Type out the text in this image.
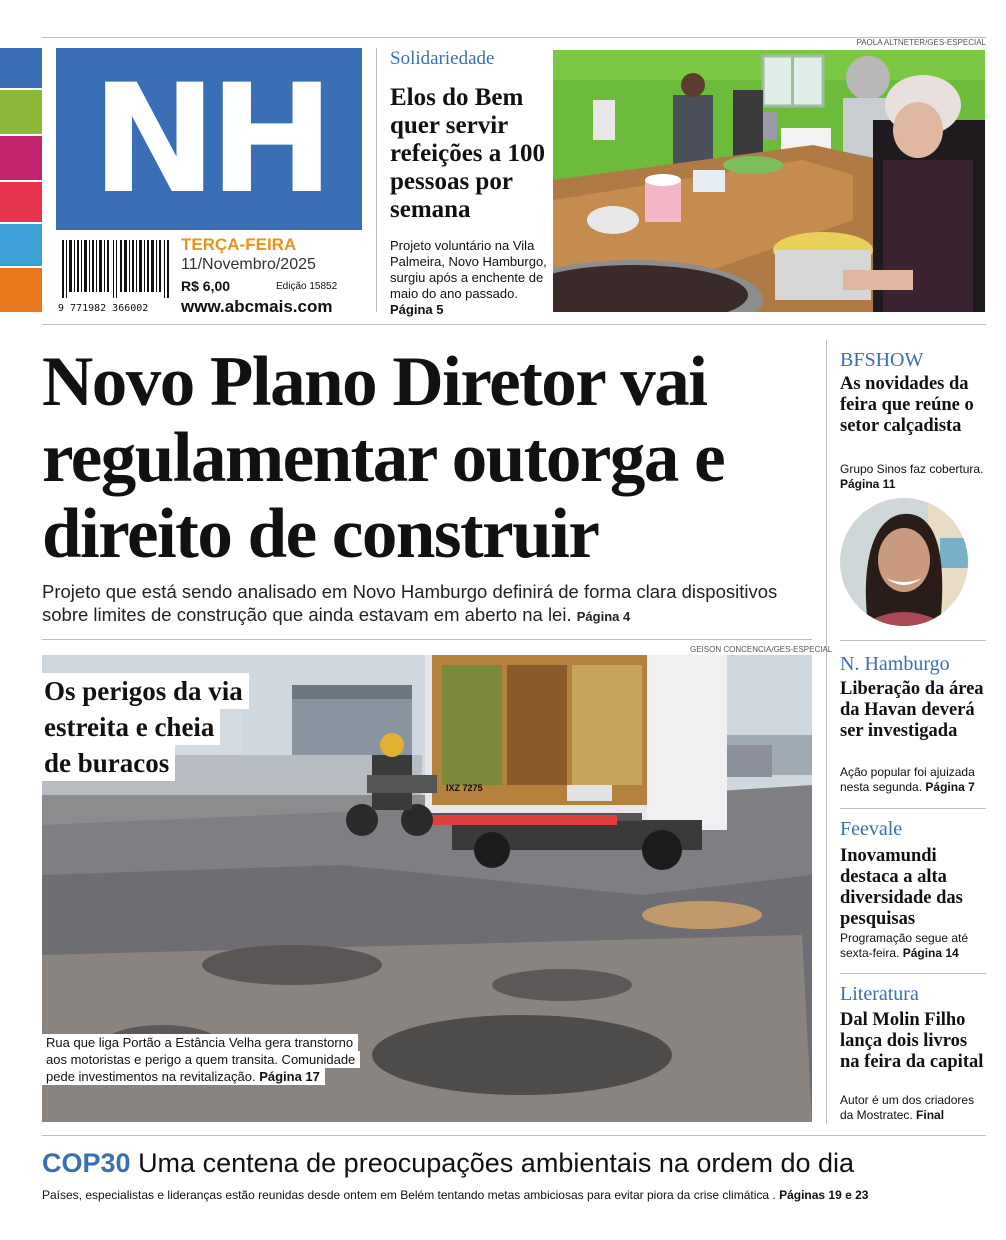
NH
9 771982 366002
TERÇA-FEIRA
11/Novembro/2025
R$ 6,00	Edição 15852
www.abcmais.com
Solidariedade
Elos do Bem quer servir refeições a 100 pessoas por semana
Projeto voluntário na Vila Palmeira, Novo Hamburgo, surgiu após a enchente de maio do ano passado. Página 5
PAOLA ALTNETER/GES-ESPECIAL
Novo Plano Diretor vai regulamentar outorga e direito de construir
Projeto que está sendo analisado em Novo Hamburgo definirá de forma clara dispositivos sobre limites de construção que ainda estavam em aberto na lei. Página 4
GEISON CONCENCIA/GES-ESPECIAL
IXZ 7275
Os perigos da via
estreita e cheia
de buracos
Rua que liga Portão a Estância Velha gera transtorno
aos motoristas e perigo a quem transita. Comunidade
pede investimentos na revitalização. Página 17
BFSHOW
As novidades da feira que reúne o setor calçadista
Grupo Sinos faz cobertura. Página 11
N. Hamburgo
Liberação da área da Havan deverá ser investigada
Ação popular foi ajuizada nesta segunda. Página 7
Feevale
Inovamundi destaca a alta diversidade das pesquisas
Programação segue até sexta-feira. Página 14
Literatura
Dal Molin Filho lança dois livros na feira da capital
Autor é um dos criadores da Mostratec. Final
COP30 Uma centena de preocupações ambientais na ordem do dia
Países, especialistas e lideranças estão reunidas desde ontem em Belém tentando metas ambiciosas para evitar piora da crise climática . Páginas 19 e 23
